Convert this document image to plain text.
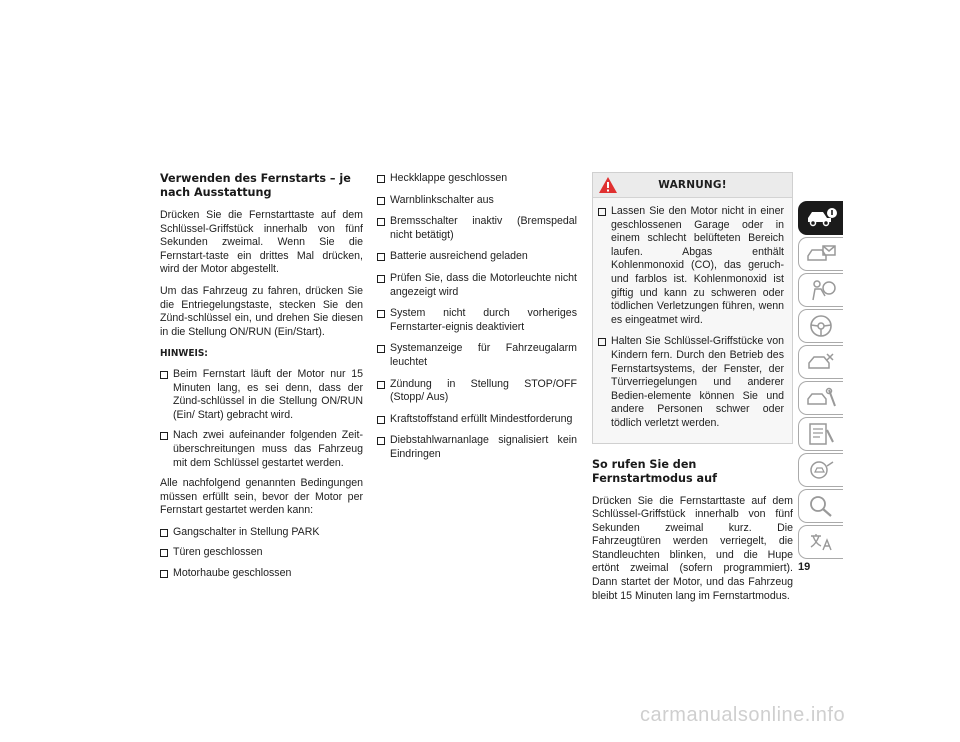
Verwenden des Fernstarts – je nach Ausstattung

Drücken Sie die Fernstarttaste auf dem Schlüssel-Griffstück innerhalb von fünf Sekunden zweimal. Wenn Sie die Fernstart-taste ein drittes Mal drücken, wird der Motor abgestellt.

Um das Fahrzeug zu fahren, drücken Sie die Entriegelungstaste, stecken Sie den Zünd-schlüssel ein, und drehen Sie diesen in die Stellung ON/RUN (Ein/Start).

HINWEIS:
Beim Fernstart läuft der Motor nur 15 Minuten lang, es sei denn, dass der Zünd-schlüssel in die Stellung ON/RUN (Ein/ Start) gebracht wird.
Nach zwei aufeinander folgenden Zeit-überschreitungen muss das Fahrzeug mit dem Schlüssel gestartet werden.

Alle nachfolgend genannten Bedingungen müssen erfüllt sein, bevor der Motor per Fernstart gestartet werden kann:

Gangschalter in Stellung PARK
Türen geschlossen
Motorhaube geschlossen
Heckklappe geschlossen
Warnblinkschalter aus
Bremsschalter inaktiv (Bremspedal nicht betätigt)
Batterie ausreichend geladen
Prüfen Sie, dass die Motorleuchte nicht angezeigt wird
System nicht durch vorheriges Fernstarter-eignis deaktiviert
Systemanzeige für Fahrzeugalarm leuchtet
Zündung in Stellung STOP/OFF (Stopp/ Aus)
Kraftstoffstand erfüllt Mindestforderung
Diebstahlwarnanlage signalisiert kein Eindringen
WARNUNG!
Lassen Sie den Motor nicht in einer geschlossenen Garage oder in einem schlecht belüfteten Bereich laufen. Abgas enthält Kohlenmonoxid (CO), das geruch- und farblos ist. Kohlenmonoxid ist giftig und kann zu schweren oder tödlichen Verletzungen führen, wenn es eingeatmet wird.
Halten Sie Schlüssel-Griffstücke von Kindern fern. Durch den Betrieb des Fernstartsystems, der Fenster, der Türverriegelungen und anderer Bedien-elemente können Sie und andere Personen schwer oder tödlich verletzt werden.
So rufen Sie den Fernstartmodus auf

Drücken Sie die Fernstarttaste auf dem Schlüssel-Griffstück innerhalb von fünf Sekunden zweimal kurz. Die Fahrzeugtüren werden verriegelt, die Standleuchten blinken, und die Hupe ertönt zweimal (sofern programmiert). Dann startet der Motor, und das Fahrzeug bleibt 15 Minuten lang im Fernstartmodus.

19
carmanualsonline.info
